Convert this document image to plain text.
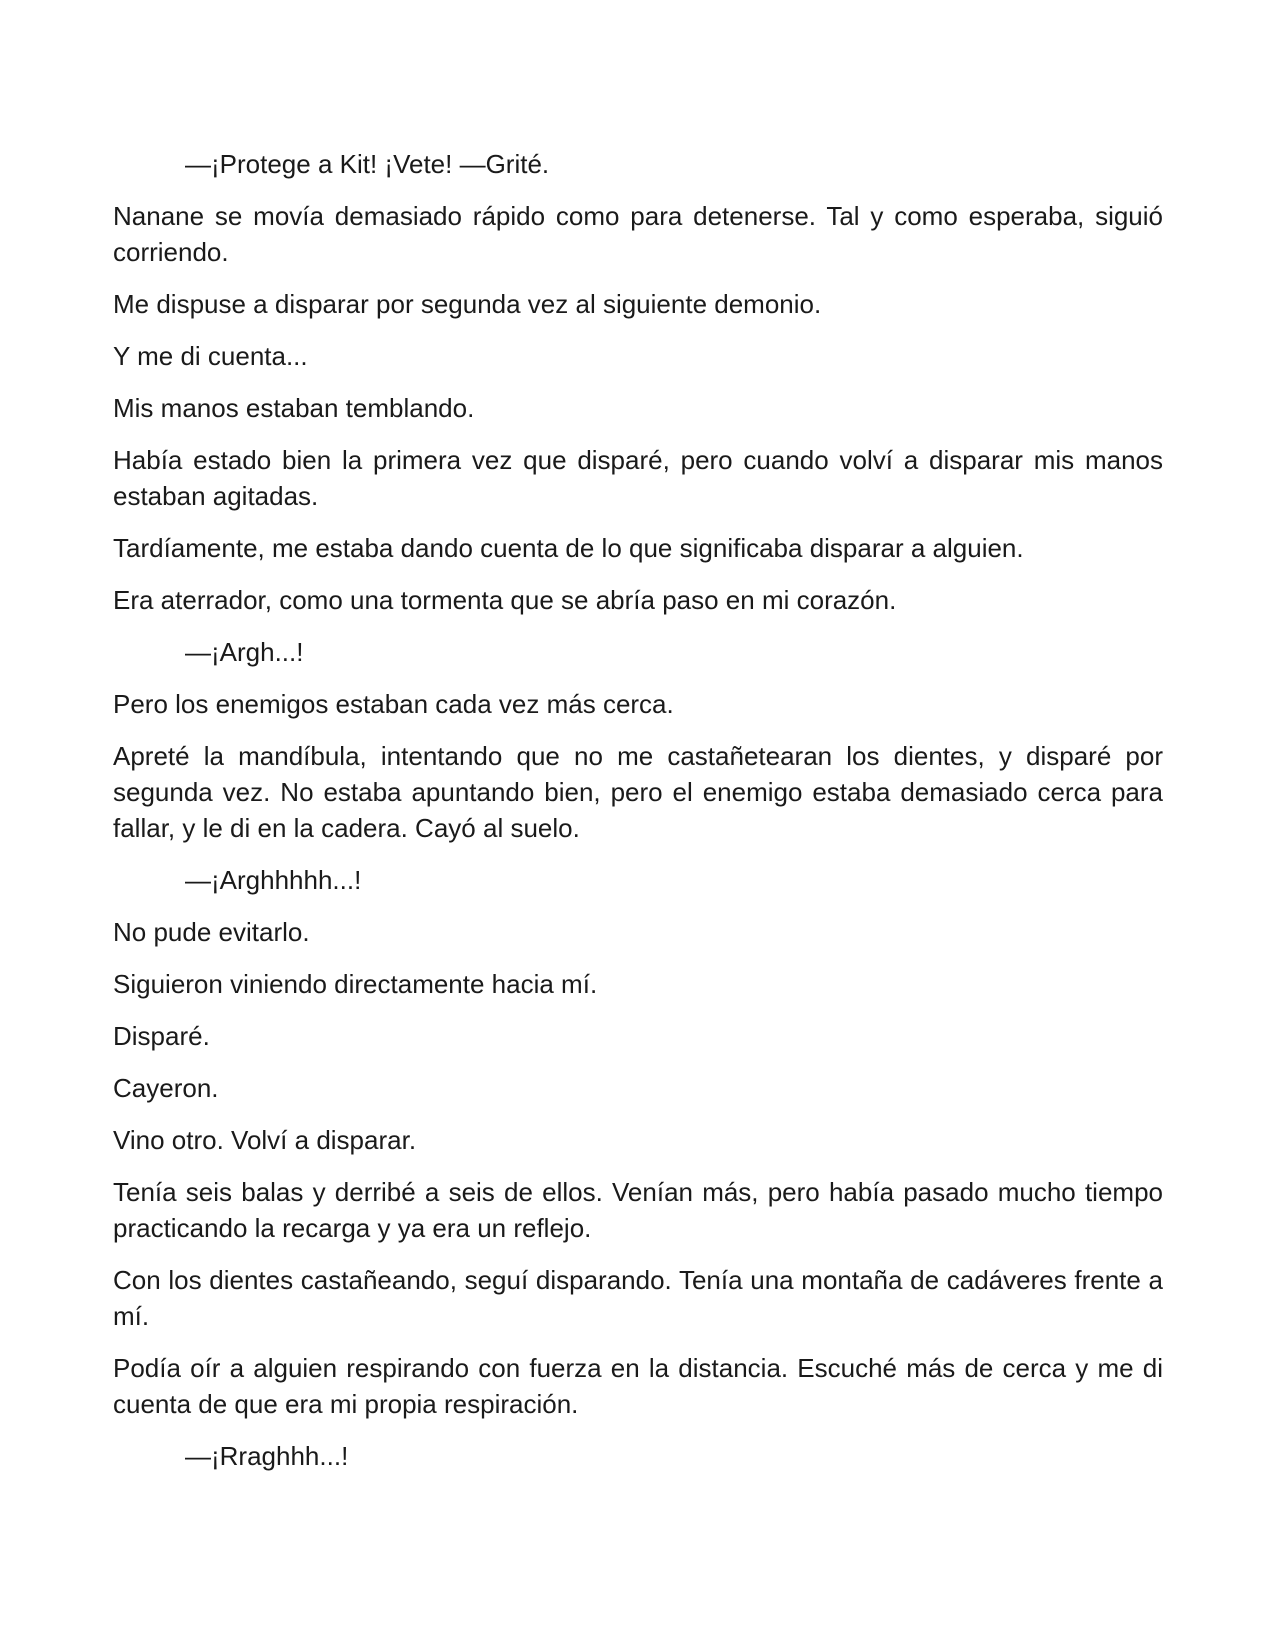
—¡Protege a Kit! ¡Vete! —Grité.

Nanane se movía demasiado rápido como para detenerse. Tal y como esperaba, siguió corriendo.

Me dispuse a disparar por segunda vez al siguiente demonio.

Y me di cuenta...

Mis manos estaban temblando.

Había estado bien la primera vez que disparé, pero cuando volví a disparar mis manos estaban agitadas.

Tardíamente, me estaba dando cuenta de lo que significaba disparar a alguien.

Era aterrador, como una tormenta que se abría paso en mi corazón.

—¡Argh...!

Pero los enemigos estaban cada vez más cerca.

Apreté la mandíbula, intentando que no me castañetearan los dientes, y disparé por segunda vez. No estaba apuntando bien, pero el enemigo estaba demasiado cerca para fallar, y le di en la cadera. Cayó al suelo.

—¡Arghhhhh...!

No pude evitarlo.

Siguieron viniendo directamente hacia mí.

Disparé.

Cayeron.

Vino otro. Volví a disparar.

Tenía seis balas y derribé a seis de ellos. Venían más, pero había pasado mucho tiempo practicando la recarga y ya era un reflejo.

Con los dientes castañeando, seguí disparando. Tenía una montaña de cadáveres frente a mí.

Podía oír a alguien respirando con fuerza en la distancia. Escuché más de cerca y me di cuenta de que era mi propia respiración.

—¡Rraghhh...!
